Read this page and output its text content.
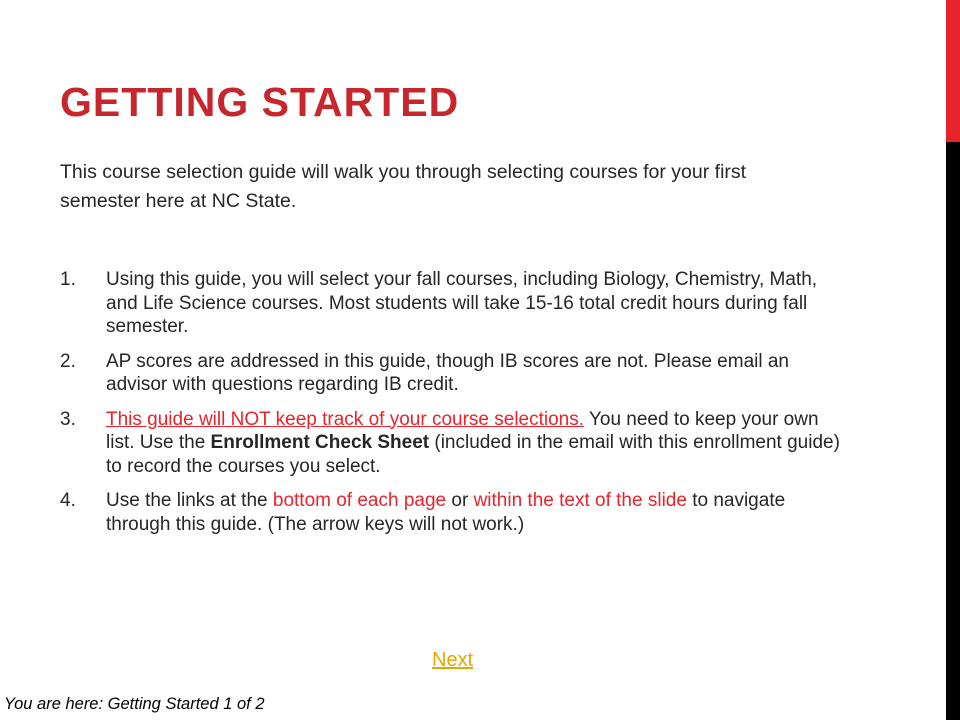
GETTING STARTED

This course selection guide will walk you through selecting courses for your first semester here at NC State.

1. Using this guide, you will select your fall courses, including Biology, Chemistry, Math, and Life Science courses. Most students will take 15-16 total credit hours during fall semester.
2. AP scores are addressed in this guide, though IB scores are not. Please email an advisor with questions regarding IB credit.
3. This guide will NOT keep track of your course selections. You need to keep your own list. Use the Enrollment Check Sheet (included in the email with this enrollment guide) to record the courses you select.
4. Use the links at the bottom of each page or within the text of the slide to navigate through this guide. (The arrow keys will not work.)
Next
You are here: Getting Started 1 of 2
